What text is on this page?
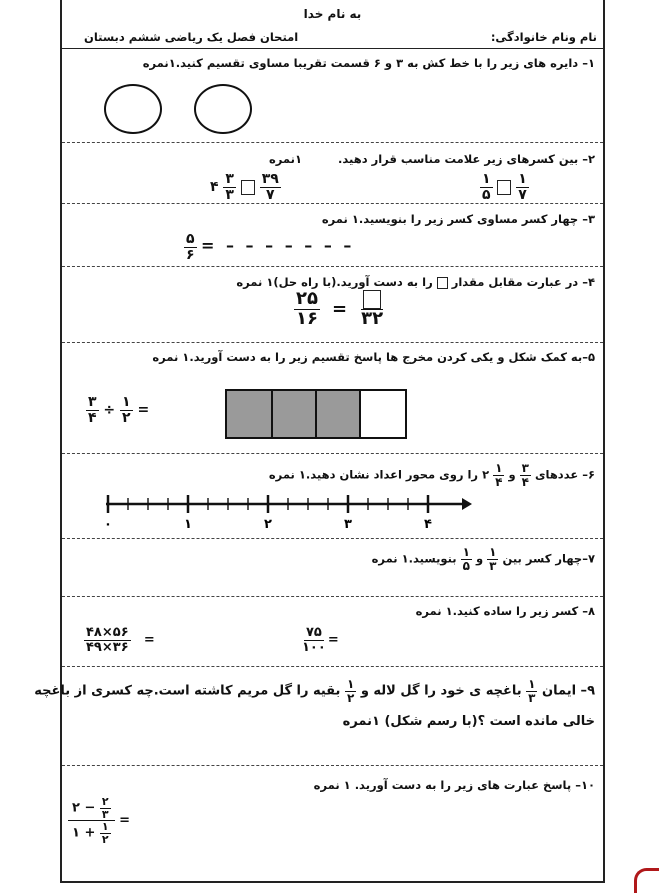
به نام خدا
نام ونام خانوادگی:
امتحان فصل یک ریاضی ششم دبستان
۱– دایره های زیر را با خط کش به ۳ و ۶ قسمت تقریبا مساوی تقسیم کنید.۱نمره
۲– بین کسرهای زیر علامت مناسب قرار دهید.         ۱نمره
۴ $\frac{۳}{۳}$
$\frac{۳۹}{۷}$	$\frac{۱}{۵}$
$\frac{۱}{۷}$
۳– چهار کسر مساوی کسر زیر را بنویسید.۱ نمره
$\frac{۵}{۶}$ = – – – – – – –
۴– در عبارت مقابل مقدار  را به دست آورید.(با راه حل)۱ نمره
$\frac{۲۵}{۱۶}$ = ۳۲
۵–به کمک شکل و یکی کردن مخرج ها پاسخ تقسیم زیر را به دست آورید.۱ نمره
$\frac{۳}{۴} \div \frac{۱}{۲}$ =
۶– عددهای
$\frac{۳}{۴}$
و
$\frac{۱}{۴}$
۲ را روی محور اعداد نشان دهید.۱ نمره
۰	۱	۲	۳	۴
۷–چهار کسر بین
$\frac{۱}{۳}$
و
$\frac{۱}{۵}$
بنویسید.۱ نمره
۸– کسر زیر را ساده کنید.۱ نمره
$\frac{۷۵}{۱۰۰}$ =
$\frac{۴۸\times ۵۶}{۴۹\times ۳۶}$ =
۹– ایمان
$\frac{۱}{۳}$
باغچه ی خود را گل لاله و
$\frac{۱}{۲}$
بقیه را گل مریم کاشته است.چه کسری از باغچه
خالی مانده است ؟(با رسم شکل) ۱نمره
۱۰– پاسخ عبارت های زیر را به دست آورید. ۱ نمره
$\frac{۲ - \frac{۲}{۳}}{۱ + \frac{۱}{۲}}$ =
